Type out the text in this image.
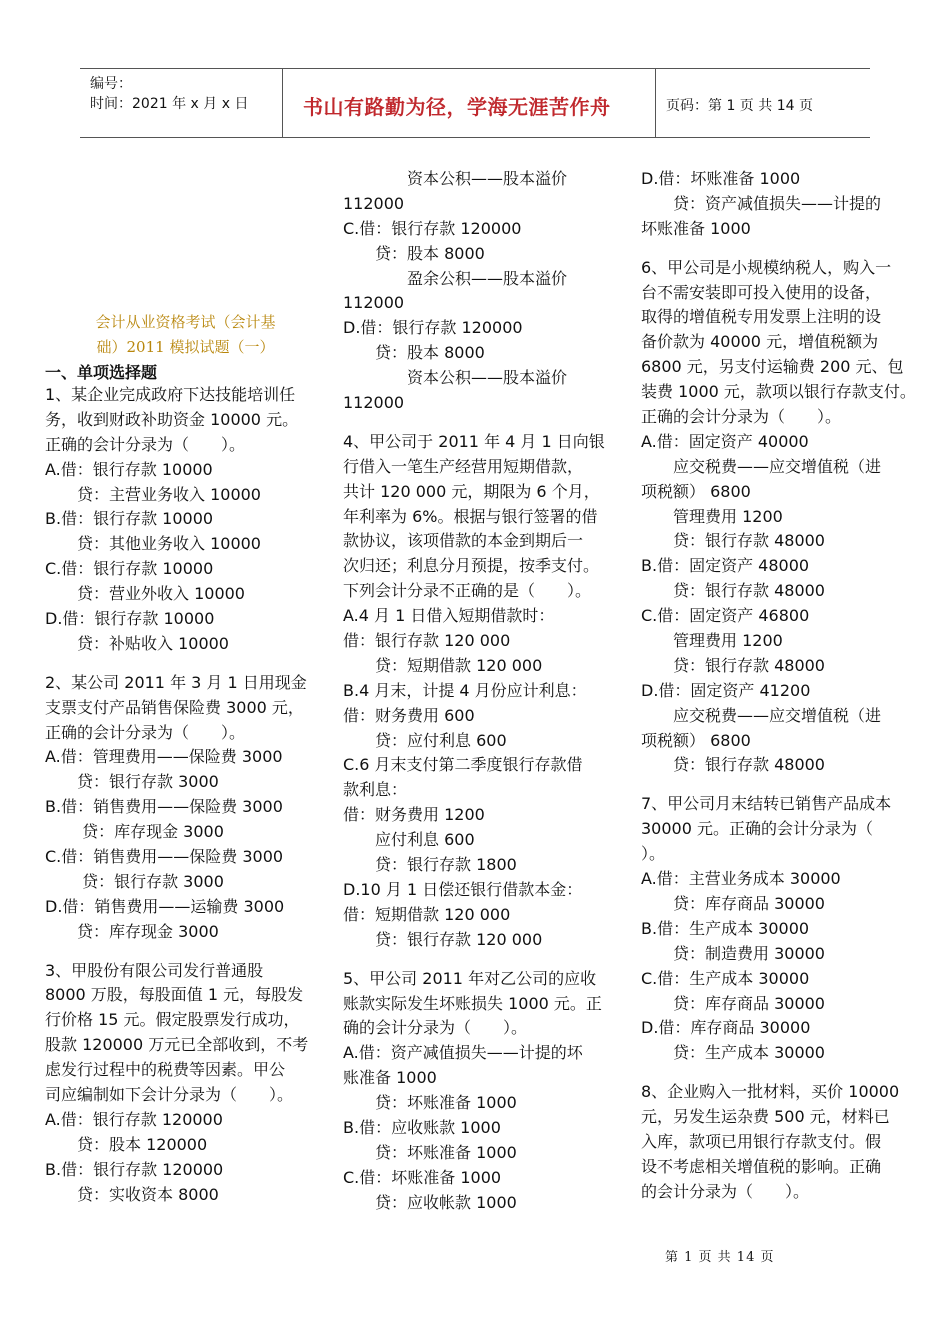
编号：
时间：2021 年 x 月 x 日	书山有路勤为径，学海无涯苦作舟	页码：第 1 页 共 14 页
会计从业资格考试（会计基
础）2011 模拟试题（一）
一、单项选择题
1、某企业完成政府下达技能培训任
务，收到财政补助资金 10000 元。
正确的会计分录为（　　）。
A.借：银行存款 10000
　　贷：主营业务收入 10000
B.借：银行存款 10000
　　贷：其他业务收入 10000
C.借：银行存款 10000
　　贷：营业外收入 10000
D.借：银行存款 10000
　　贷：补贴收入 10000
2、某公司 2011 年 3 月 1 日用现金
支票支付产品销售保险费 3000 元，
正确的会计分录为（　　）。
A.借：管理费用——保险费 3000
　　贷：银行存款 3000
B.借：销售费用——保险费 3000
　　 贷：库存现金 3000
C.借：销售费用——保险费 3000
　　 贷：银行存款 3000
D.借：销售费用——运输费 3000
　　贷：库存现金 3000
3、甲股份有限公司发行普通股
8000 万股，每股面值 1 元，每股发
行价格 15 元。假定股票发行成功，
股款 120000 万元已全部收到，不考
虑发行过程中的税费等因素。甲公
司应编制如下会计分录为（　　）。
A.借：银行存款 120000
　　贷：股本 120000
B.借：银行存款 120000
　　贷：实收资本 8000
　　　　资本公积——股本溢价
112000
C.借：银行存款 120000
　　贷：股本 8000
　　　　盈余公积——股本溢价
112000
D.借：银行存款 120000
　　贷：股本 8000
　　　　资本公积——股本溢价
112000
4、甲公司于 2011 年 4 月 1 日向银
行借入一笔生产经营用短期借款，
共计 120 000 元，期限为 6 个月，
年利率为 6%。根据与银行签署的借
款协议，该项借款的本金到期后一
次归还；利息分月预提，按季支付。
下列会计分录不正确的是（　　）。
A.4 月 1 日借入短期借款时：
借：银行存款 120 000
　　贷：短期借款 120 000
B.4 月末，计提 4 月份应计利息：
借：财务费用 600
　　贷：应付利息 600
C.6 月末支付第二季度银行存款借
款利息：
借：财务费用 1200
　　应付利息 600
　　贷：银行存款 1800
D.10 月 1 日偿还银行借款本金：
借：短期借款 120 000
　　贷：银行存款 120 000
5、甲公司 2011 年对乙公司的应收
账款实际发生坏账损失 1000 元。正
确的会计分录为（　　）。
A.借：资产减值损失——计提的坏
账准备 1000
　　贷：坏账准备 1000
B.借：应收账款 1000
　　贷：坏账准备 1000
C.借：坏账准备 1000
　　贷：应收帐款 1000
D.借：坏账准备 1000
　　贷：资产减值损失——计提的
坏账准备 1000
6、甲公司是小规模纳税人，购入一
台不需安装即可投入使用的设备，
取得的增值税专用发票上注明的设
备价款为 40000 元，增值税额为
6800 元，另支付运输费 200 元、包
装费 1000 元，款项以银行存款支付。
正确的会计分录为（　　）。
A.借：固定资产 40000
　　应交税费——应交增值税（进
项税额） 6800
　　管理费用 1200
　　贷：银行存款 48000
B.借：固定资产 48000
　　贷：银行存款 48000
C.借：固定资产 46800
　　管理费用 1200
　　贷：银行存款 48000
D.借：固定资产 41200
　　应交税费——应交增值税（进
项税额） 6800
　　贷：银行存款 48000
7、甲公司月末结转已销售产品成本
30000 元。正确的会计分录为（
）。
A.借：主营业务成本 30000
　　贷：库存商品 30000
B.借：生产成本 30000
　　贷：制造费用 30000
C.借：生产成本 30000
　　贷：库存商品 30000
D.借：库存商品 30000
　　贷：生产成本 30000
8、企业购入一批材料，买价 10000
元，另发生运杂费 500 元，材料已
入库，款项已用银行存款支付。假
设不考虑相关增值税的影响。正确
的会计分录为（　　）。
第 1 页 共 14 页
